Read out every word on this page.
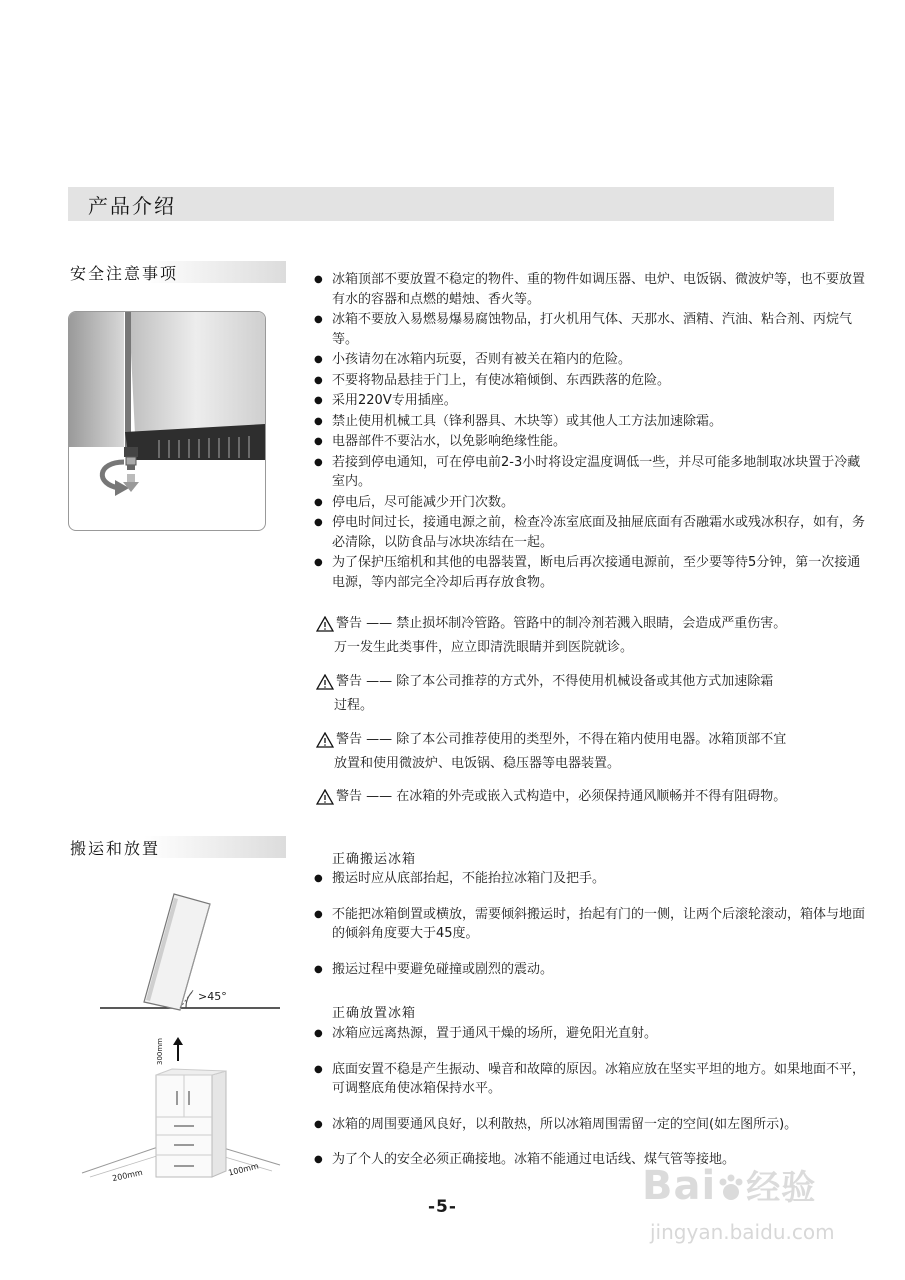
产品介绍
安全注意事项
●	冰箱顶部不要放置不稳定的物件、重的物件如调压器、电炉、电饭锅、微波炉等，也不要放置有水的容器和点燃的蜡烛、香火等。
● 冰箱不要放入易燃易爆易腐蚀物品，打火机用气体、天那水、酒精、汽油、粘合剂、丙烷气等。
● 小孩请勿在冰箱内玩耍，否则有被关在箱内的危险。
● 不要将物品悬挂于门上，有使冰箱倾倒、东西跌落的危险。
● 采用220V专用插座。
● 禁止使用机械工具（锋利器具、木块等）或其他人工方法加速除霜。
● 电器部件不要沾水，以免影响绝缘性能。
● 若接到停电通知，可在停电前2-3小时将设定温度调低一些，并尽可能多地制取冰块置于冷藏室内。
● 停电后，尽可能减少开门次数。
● 停电时间过长，接通电源之前，检查冷冻室底面及抽屉底面有否融霜水或残冰积存，如有，务必清除，以防食品与冰块冻结在一起。
● 为了保护压缩机和其他的电器装置，断电后再次接通电源前，至少要等待5分钟，第一次接通电源，等内部完全冷却后再存放食物。
警告 —— 禁止损坏制冷管路。管路中的制冷剂若溅入眼睛，会造成严重伤害。
万一发生此类事件，应立即清洗眼睛并到医院就诊。
警告 —— 除了本公司推荐的方式外，不得使用机械设备或其他方式加速除霜
过程。
警告 —— 除了本公司推荐使用的类型外，不得在箱内使用电器。冰箱顶部不宜
放置和使用微波炉、电饭锅、稳压器等电器装置。
警告 —— 在冰箱的外壳或嵌入式构造中，必须保持通风顺畅并不得有阻碍物。
搬运和放置
>45°
300mm
200mm	100mm
正确搬运冰箱
● 搬运时应从底部抬起，不能抬拉冰箱门及把手。
● 不能把冰箱倒置或横放，需要倾斜搬运时，抬起有门的一侧，让两个后滚轮滚动，箱体与地面的倾斜角度要大于45度。
● 搬运过程中要避免碰撞或剧烈的震动。
正确放置冰箱
● 冰箱应远离热源，置于通风干燥的场所，避免阳光直射。
● 底面安置不稳是产生振动、噪音和故障的原因。冰箱应放在坚实平坦的地方。如果地面不平，可调整底角使冰箱保持水平。
● 冰箱的周围要通风良好，以利散热，所以冰箱周围需留一定的空间(如左图所示)。
● 为了个人的安全必须正确接地。冰箱不能通过电话线、煤气管等接地。
-5-	Bai 经验
jingyan.baidu.com
